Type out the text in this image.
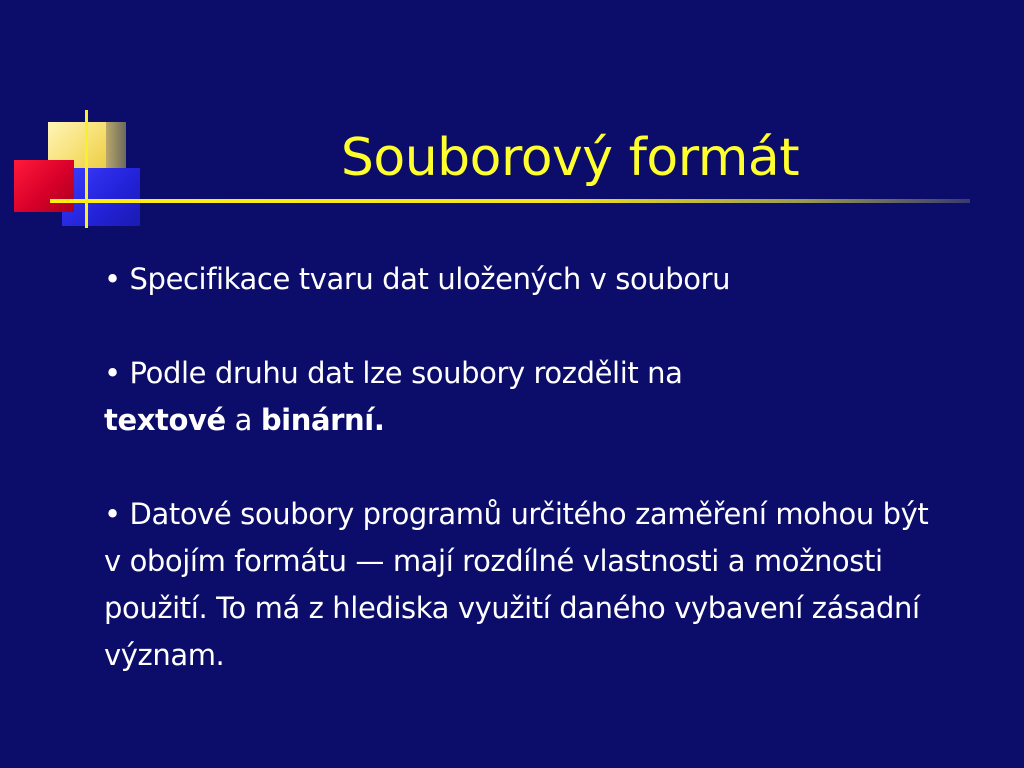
Souborový formát

• Specifikace tvaru dat uložených v souboru

• Podle druhu dat lze soubory rozdělit na
textové a binární.

• Datové soubory programů určitého zaměření mohou být v obojím formátu — mají rozdílné vlastnosti a možnosti použití. To má z hlediska využití daného vybavení zásadní význam.
